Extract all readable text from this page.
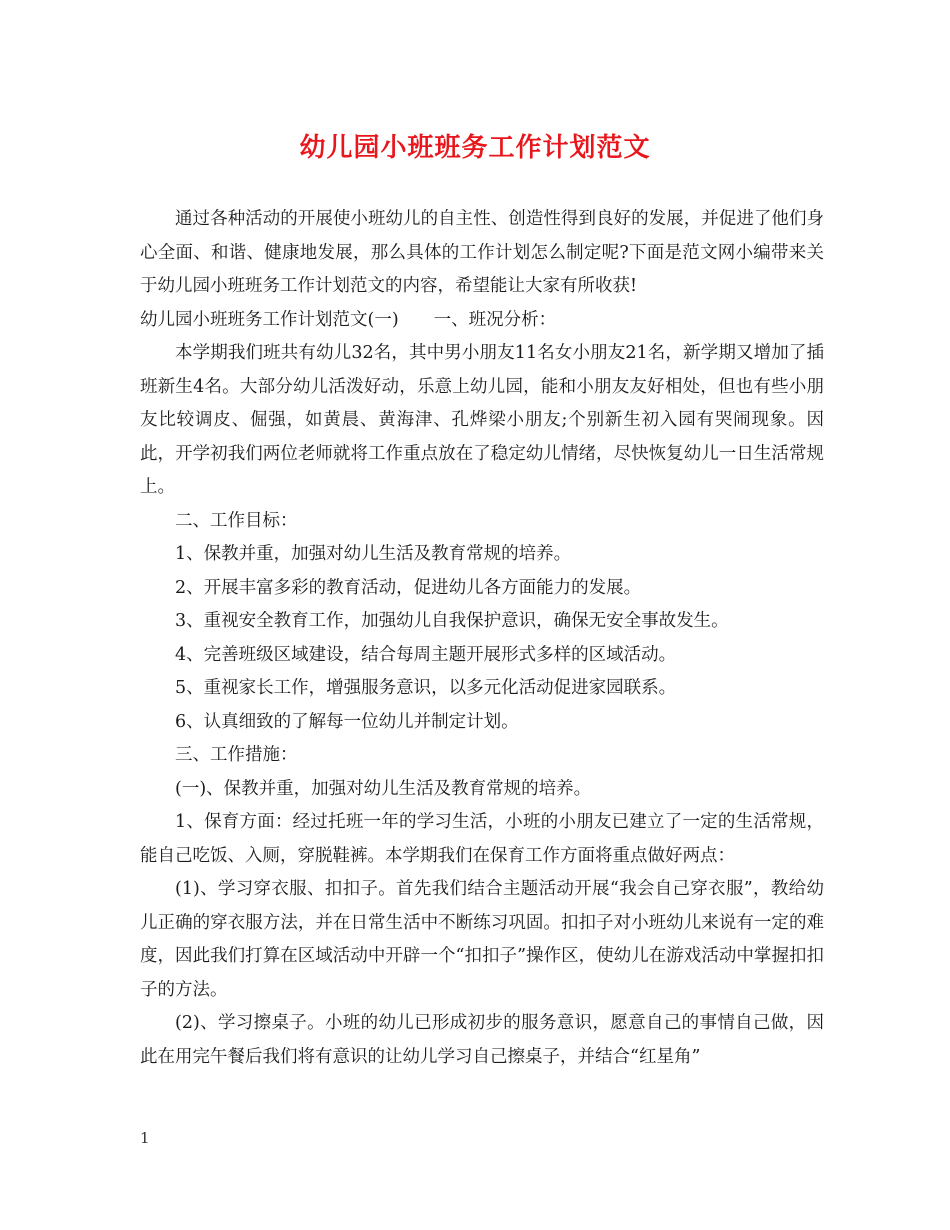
幼儿园小班班务工作计划范文

通过各种活动的开展使小班幼儿的自主性、创造性得到良好的发展，并促进了他们身心全面、和谐、健康地发展，那么具体的工作计划怎么制定呢?下面是范文网小编带来关于幼儿园小班班务工作计划范文的内容，希望能让大家有所收获!

幼儿园小班班务工作计划范文(一)　　一、班况分析：

本学期我们班共有幼儿32名，其中男小朋友11名女小朋友21名，新学期又增加了插班新生4名。大部分幼儿活泼好动，乐意上幼儿园，能和小朋友友好相处，但也有些小朋友比较调皮、倔强，如黄晨、黄海津、孔烨梁小朋友;个别新生初入园有哭闹现象。因此，开学初我们两位老师就将工作重点放在了稳定幼儿情绪，尽快恢复幼儿一日生活常规上。

二、工作目标：

1、保教并重，加强对幼儿生活及教育常规的培养。

2、开展丰富多彩的教育活动，促进幼儿各方面能力的发展。

3、重视安全教育工作，加强幼儿自我保护意识，确保无安全事故发生。

4、完善班级区域建设，结合每周主题开展形式多样的区域活动。

5、重视家长工作，增强服务意识，以多元化活动促进家园联系。

6、认真细致的了解每一位幼儿并制定计划。

三、工作措施：

(一)、保教并重，加强对幼儿生活及教育常规的培养。

1、保育方面：经过托班一年的学习生活，小班的小朋友已建立了一定的生活常规，能自己吃饭、入厕，穿脱鞋裤。本学期我们在保育工作方面将重点做好两点：

(1)、学习穿衣服、扣扣子。首先我们结合主题活动开展“我会自己穿衣服”，教给幼儿正确的穿衣服方法，并在日常生活中不断练习巩固。扣扣子对小班幼儿来说有一定的难度，因此我们打算在区域活动中开辟一个“扣扣子”操作区，使幼儿在游戏活动中掌握扣扣子的方法。

(2)、学习擦桌子。小班的幼儿已形成初步的服务意识，愿意自己的事情自己做，因此在用完午餐后我们将有意识的让幼儿学习自己擦桌子，并结合“红星角”

1
